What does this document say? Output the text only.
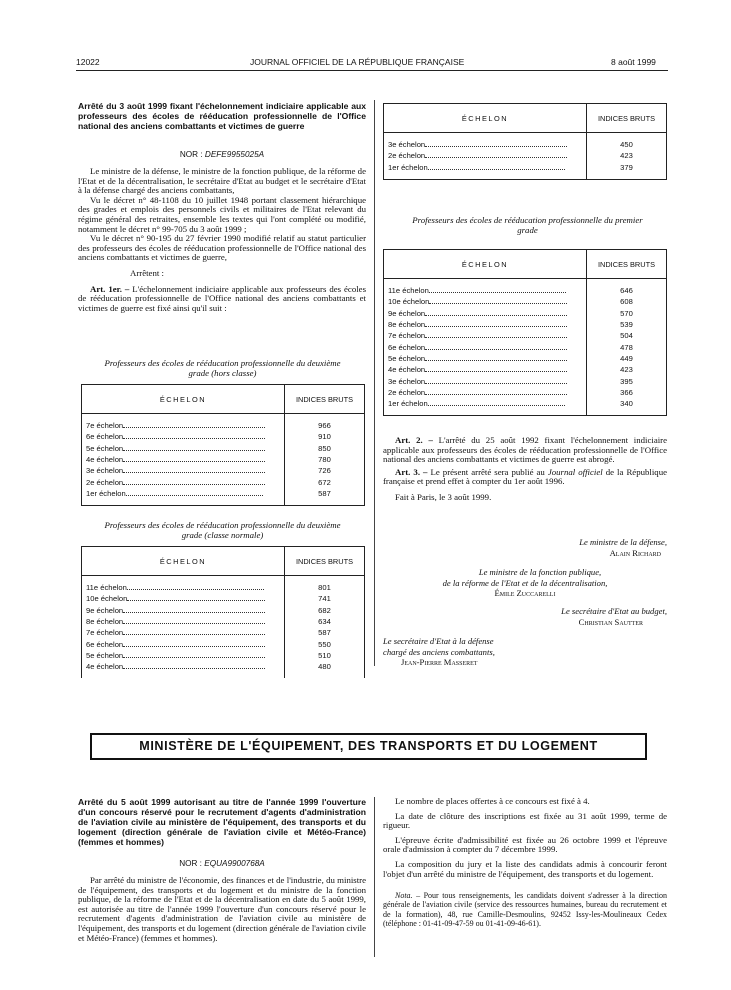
12022	JOURNAL OFFICIEL DE LA RÉPUBLIQUE FRANÇAISE	8 août 1999
Arrêté du 3 août 1999 fixant l'échelonnement indiciaire applicable aux professeurs des écoles de rééducation professionnelle de l'Office national des anciens combattants et victimes de guerre
NOR : DEFE9955025A

Le ministre de la défense, le ministre de la fonction publique, de la réforme de l'Etat et de la décentralisation, le secrétaire d'Etat au budget et le secrétaire d'Etat à la défense chargé des anciens combattants,

Vu le décret n° 48-1108 du 10 juillet 1948 portant classement hiérarchique des grades et emplois des personnels civils et militaires de l'Etat relevant du régime général des retraites, ensemble les textes qui l'ont complété ou modifié, notamment le décret n° 99-705 du 3 août 1999 ;

Vu le décret n° 90-195 du 27 février 1990 modifié relatif au statut particulier des professeurs des écoles de rééducation professionnelle de l'Office national des anciens combattants et victimes de guerre,

Arrêtent :

Art. 1er. – L'échelonnement indiciaire applicable aux professeurs des écoles de rééducation professionnelle de l'Office national des anciens combattants et victimes de guerre est fixé ainsi qu'il suit :

Professeurs des écoles de rééducation professionnelle du deuxième grade (hors classe)
ÉCHELON	INDICES BRUTS

7e échelon	966
6e échelon	910
5e échelon	850
4e échelon	780
3e échelon	726
2e échelon	672
1er échelon	587

Professeurs des écoles de rééducation professionnelle du deuxième grade (classe normale)
ÉCHELON	INDICES BRUTS

11e échelon	801
10e échelon	741
9e échelon	682
8e échelon	634
7e échelon	587
6e échelon	550
5e échelon	510
4e échelon	480

ÉCHELON	INDICES BRUTS

3e échelon	450
2e échelon	423
1er échelon	379

Professeurs des écoles de rééducation professionnelle du premier grade
ÉCHELON	INDICES BRUTS

11e échelon	646
10e échelon	608
9e échelon	570
8e échelon	539
7e échelon	504
6e échelon	478
5e échelon	449
4e échelon	423
3e échelon	395
2e échelon	366
1er échelon	340

Art. 2. – L'arrêté du 25 août 1992 fixant l'échelonnement indiciaire applicable aux professeurs des écoles de rééducation professionnelle de l'Office national des anciens combattants et victimes de guerre est abrogé.

Art. 3. – Le présent arrêté sera publié au Journal officiel de la République française et prend effet à compter du 1er août 1996.

Fait à Paris, le 3 août 1999.

Le ministre de la défense,
Alain Richard
Le ministre de la fonction publique,
de la réforme de l'Etat et de la décentralisation,
Émile Zuccarelli
Le secrétaire d'Etat au budget,
Christian Sautter
Le secrétaire d'Etat à la défense
chargé des anciens combattants,
Jean-Pierre Masseret
MINISTÈRE DE L'ÉQUIPEMENT, DES TRANSPORTS ET DU LOGEMENT
Arrêté du 5 août 1999 autorisant au titre de l'année 1999 l'ouverture d'un concours réservé pour le recrutement d'agents d'administration de l'aviation civile au ministère de l'équipement, des transports et du logement (direction générale de l'aviation civile et Météo-France) (femmes et hommes)
NOR : EQUA9900768A

Par arrêté du ministre de l'économie, des finances et de l'industrie, du ministre de l'équipement, des transports et du logement et du ministre de la fonction publique, de la réforme de l'Etat et de la décentralisation en date du 5 août 1999, est autorisée au titre de l'année 1999 l'ouverture d'un concours réservé pour le recrutement d'agents d'administration de l'aviation civile au ministère de l'équipement, des transports et du logement (direction générale de l'aviation civile et Météo-France) (femmes et hommes).

Le nombre de places offertes à ce concours est fixé à 4.

La date de clôture des inscriptions est fixée au 31 août 1999, terme de rigueur.

L'épreuve écrite d'admissibilité est fixée au 26 octobre 1999 et l'épreuve orale d'admission à compter du 7 décembre 1999.

La composition du jury et la liste des candidats admis à concourir feront l'objet d'un arrêté du ministre de l'équipement, des transports et du logement.

Nota. – Pour tous renseignements, les candidats doivent s'adresser à la direction générale de l'aviation civile (service des ressources humaines, bureau du recrutement et de la formation), 48, rue Camille-Desmoulins, 92452 Issy-les-Moulineaux Cedex (téléphone : 01-41-09-47-59 ou 01-41-09-46-61).
